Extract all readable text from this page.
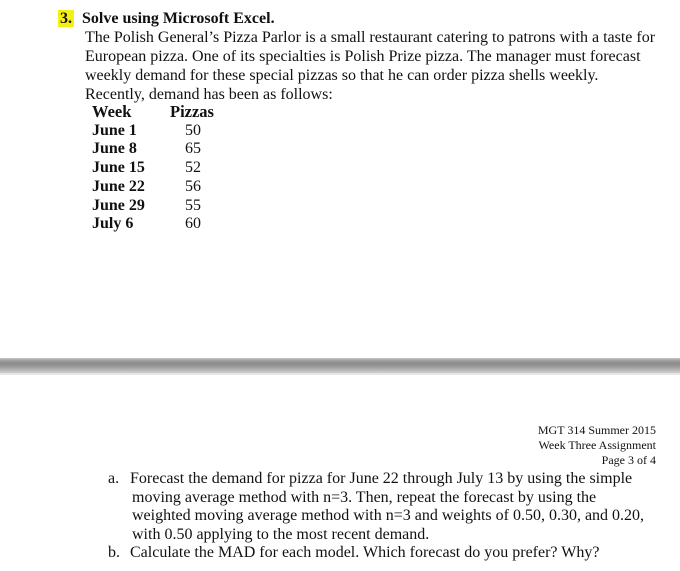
3. Solve using Microsoft Excel.

The Polish General’s Pizza Parlor is a small restaurant catering to patrons with a taste for
European pizza. One of its specialties is Polish Prize pizza. The manager must forecast
weekly demand for these special pizzas so that he can order pizza shells weekly.
Recently, demand has been as follows:

Week	Pizzas
June 1	50
June 8	65
June 15	52
June 22	56
June 29	55
July 6	60
MGT 314 Summer 2015
Week Three Assignment
Page 3 of 4
a. Forecast the demand for pizza for June 22 through July 13 by using the simple
moving average method with n=3. Then, repeat the forecast by using the
weighted moving average method with n=3 and weights of 0.50, 0.30, and 0.20,
with 0.50 applying to the most recent demand.
b. Calculate the MAD for each model. Which forecast do you prefer? Why?
